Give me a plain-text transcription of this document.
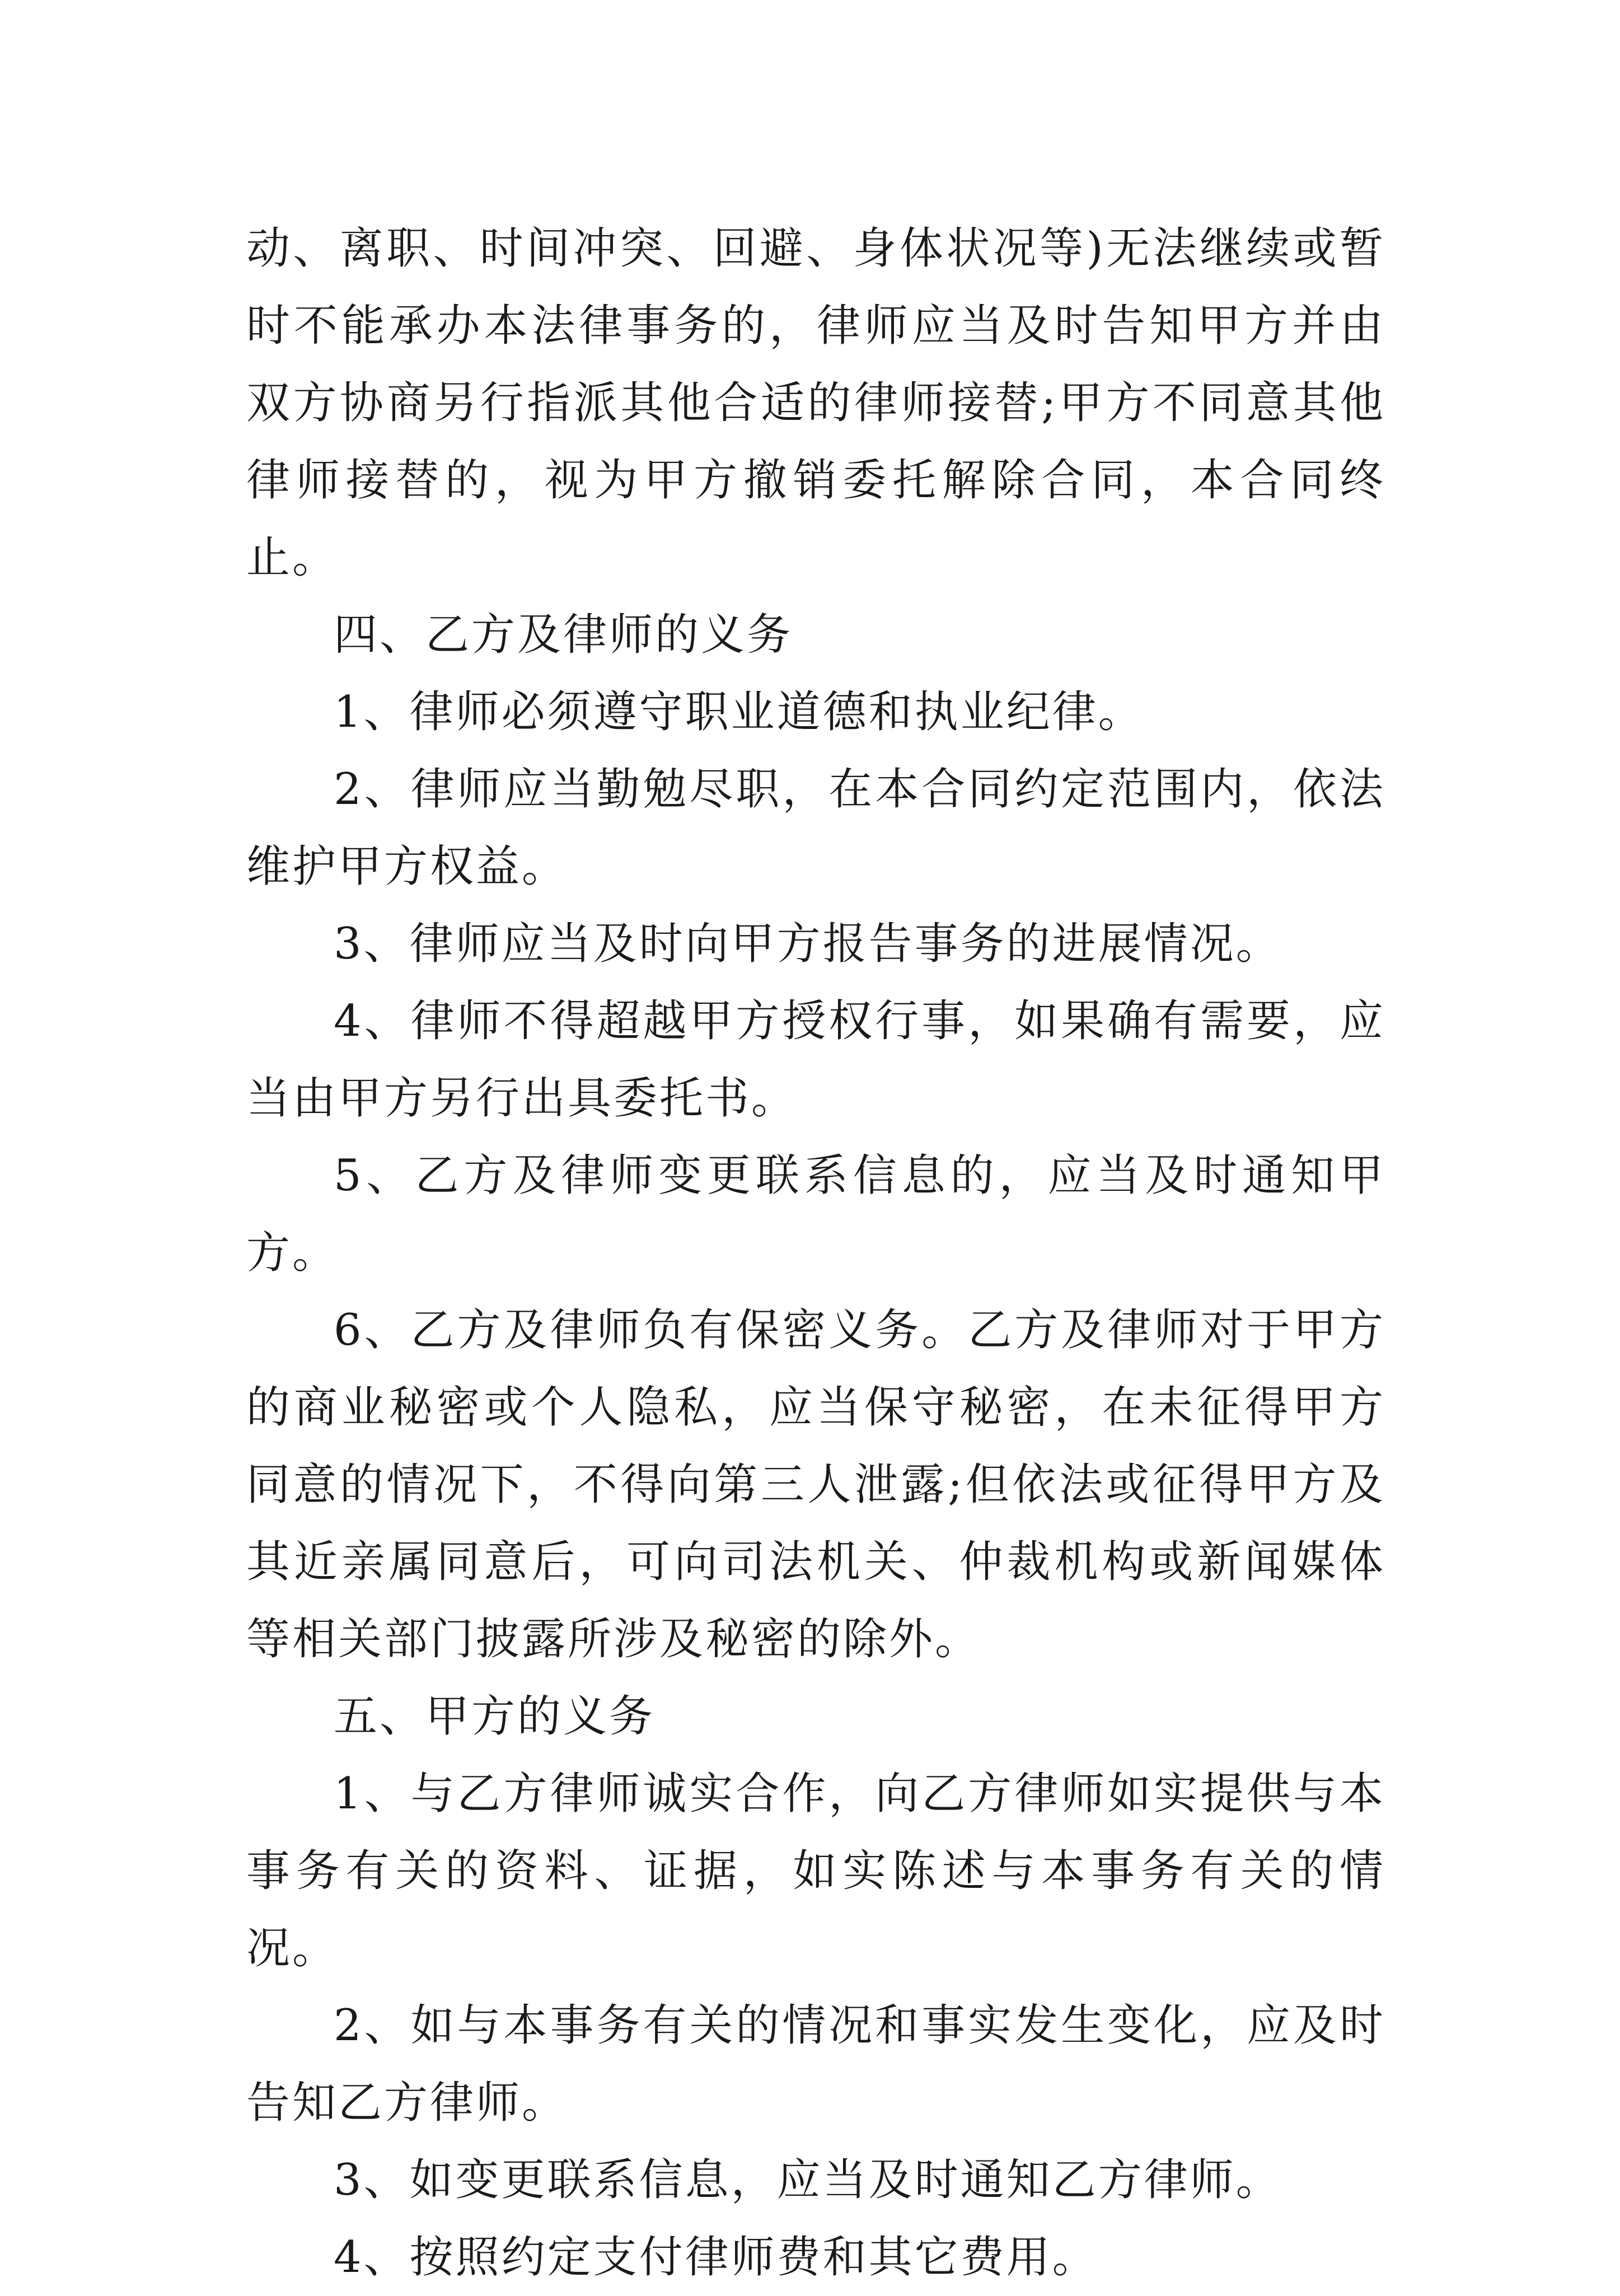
动、离职、时间冲突、回避、身体状况等)无法继续或暂时不能承办本法律事务的，律师应当及时告知甲方并由双方协商另行指派其他合适的律师接替;甲方不同意其他律师接替的，视为甲方撤销委托解除合同，本合同终止。

四、乙方及律师的义务

1、律师必须遵守职业道德和执业纪律。

2、律师应当勤勉尽职，在本合同约定范围内，依法维护甲方权益。

3、律师应当及时向甲方报告事务的进展情况。

4、律师不得超越甲方授权行事，如果确有需要，应当由甲方另行出具委托书。

5、乙方及律师变更联系信息的，应当及时通知甲方。

6、乙方及律师负有保密义务。乙方及律师对于甲方的商业秘密或个人隐私，应当保守秘密，在未征得甲方同意的情况下，不得向第三人泄露;但依法或征得甲方及其近亲属同意后，可向司法机关、仲裁机构或新闻媒体等相关部门披露所涉及秘密的除外。

五、甲方的义务

1、与乙方律师诚实合作，向乙方律师如实提供与本事务有关的资料、证据，如实陈述与本事务有关的情况。

2、如与本事务有关的情况和事实发生变化，应及时告知乙方律师。

3、如变更联系信息，应当及时通知乙方律师。

4、按照约定支付律师费和其它费用。
